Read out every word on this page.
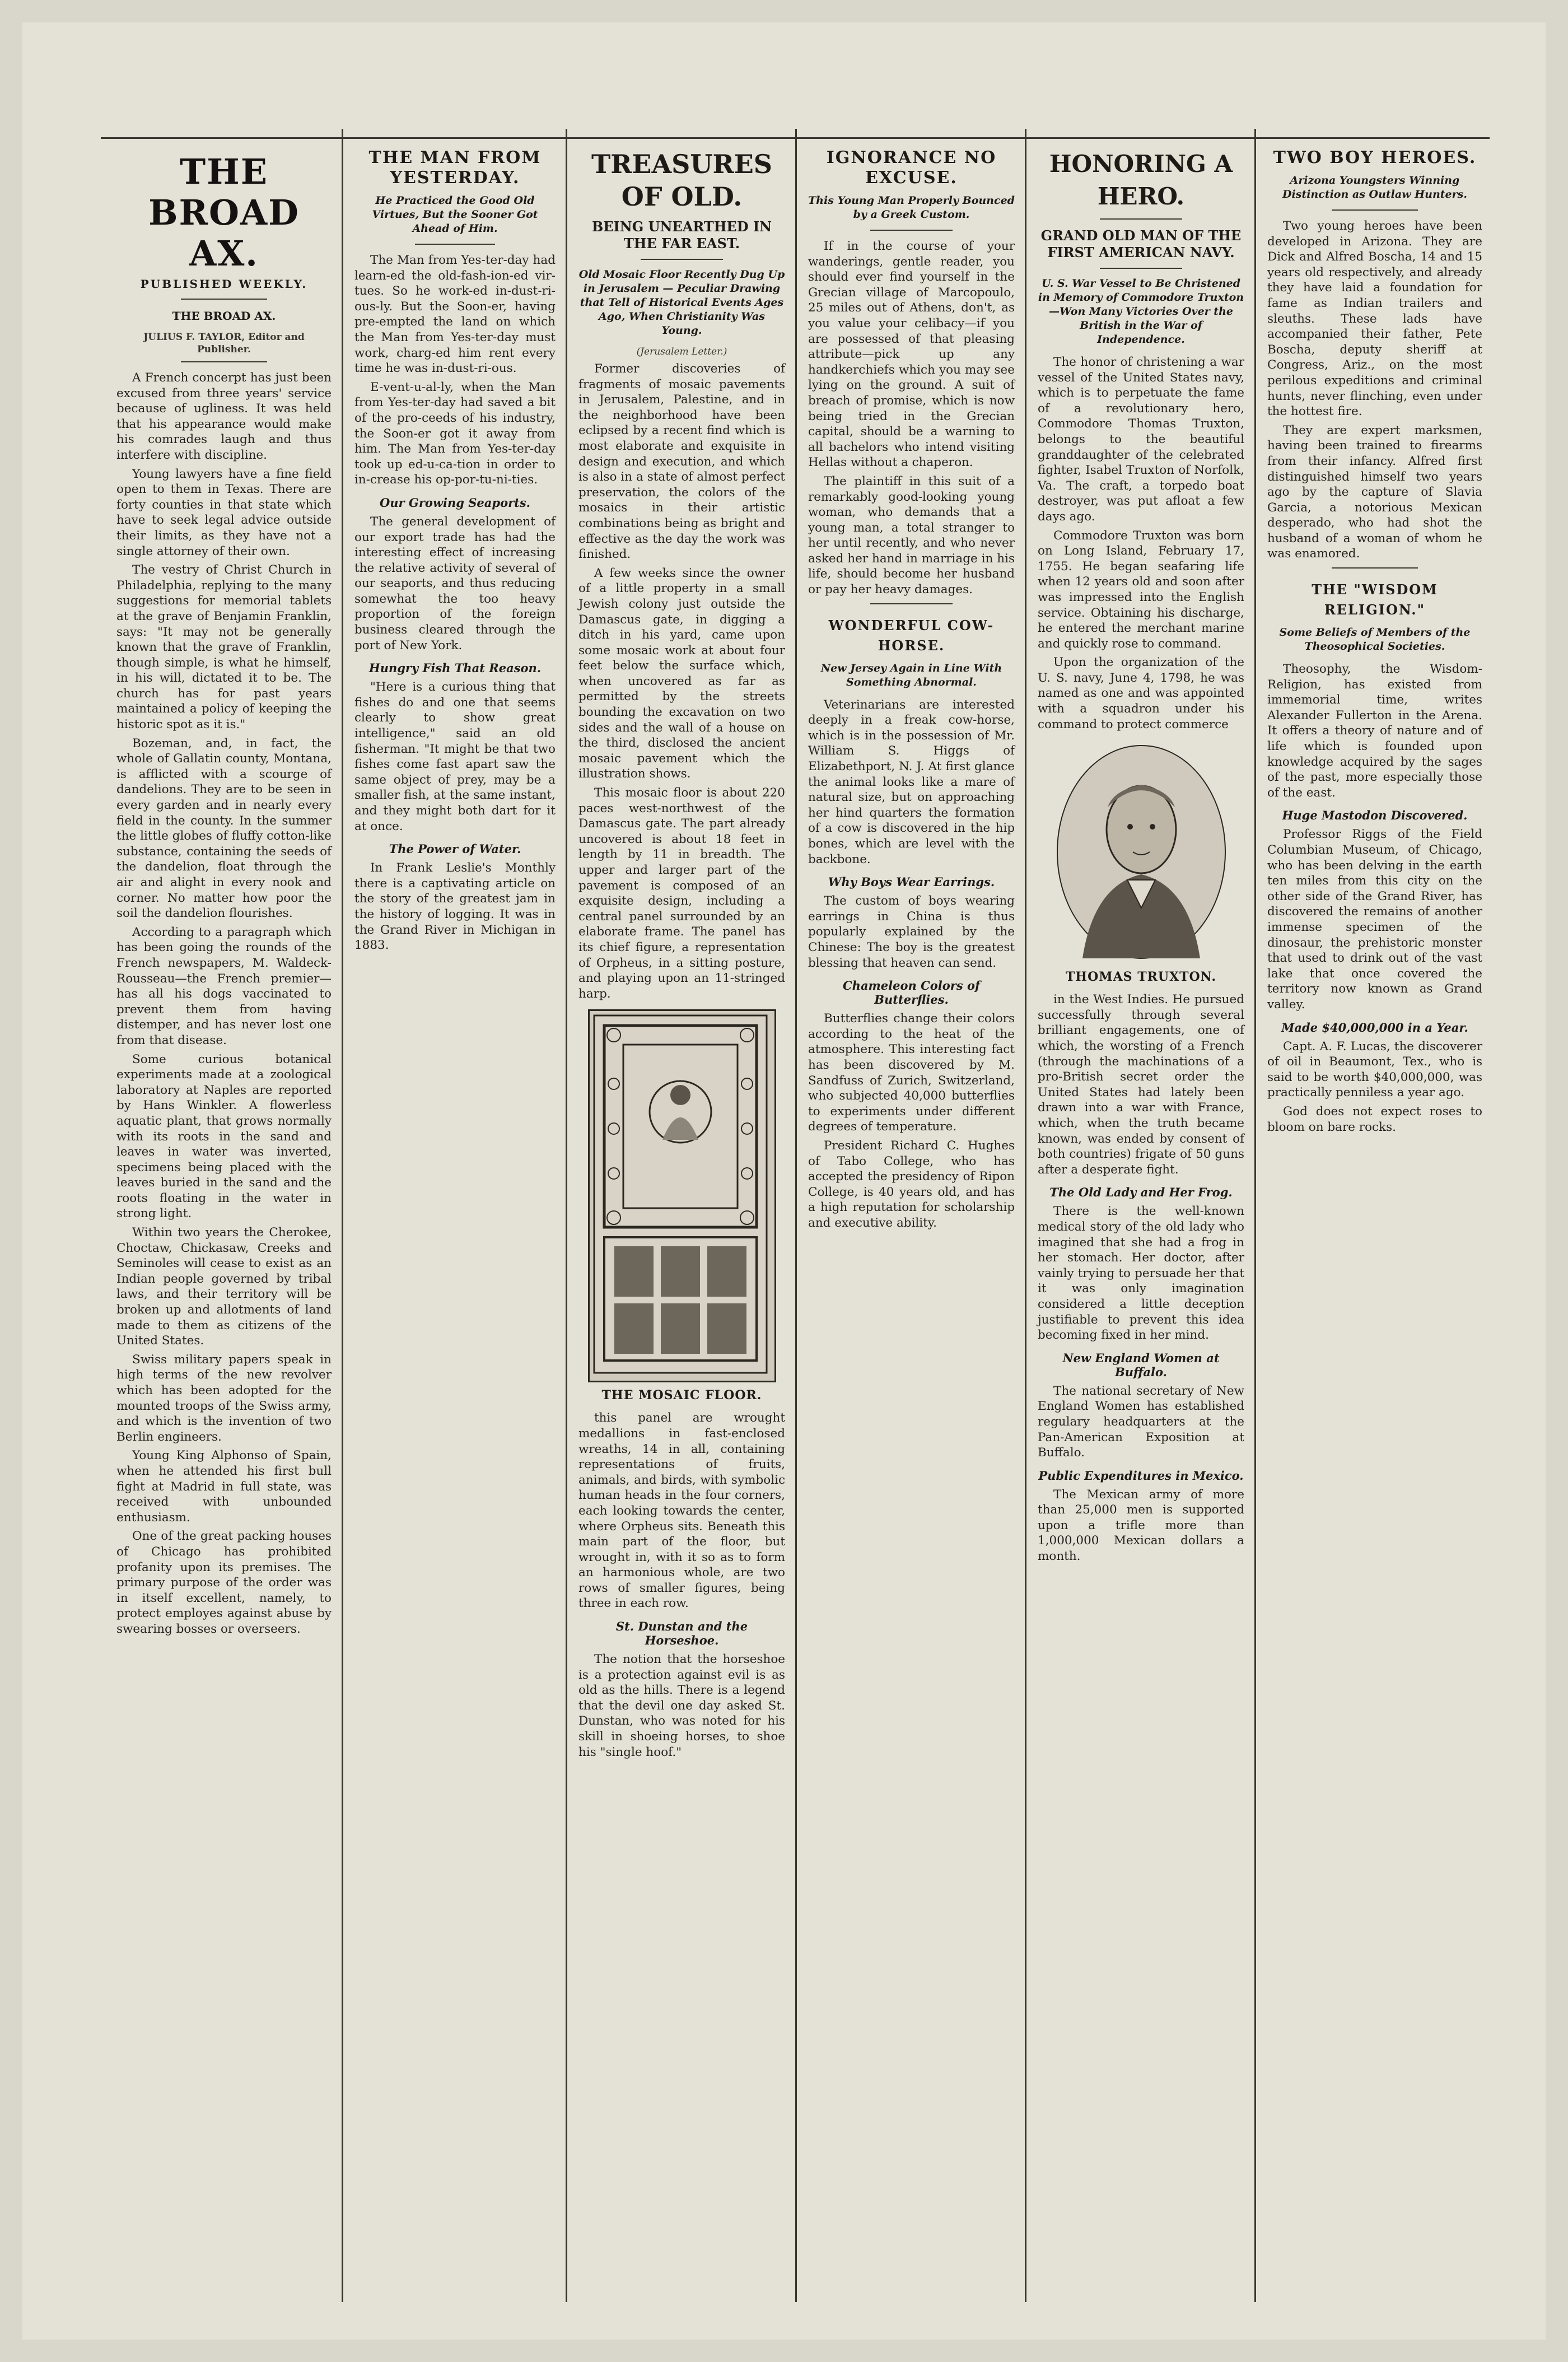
THE BROAD AX.
PUBLISHED WEEKLY.
THE BROAD AX.
JULIUS F. TAYLOR, Editor and Publisher.

A French concerpt has just been excused from three years' service because of ugliness. It was held that his appearance would make his comrades laugh and thus interfere with discipline.

Young lawyers have a fine field open to them in Texas. There are forty counties in that state which have to seek legal advice outside their limits, as they have not a single attorney of their own.

The vestry of Christ Church in Philadelphia, replying to the many suggestions for memorial tablets at the grave of Benjamin Franklin, says: "It may not be generally known that the grave of Franklin, though simple, is what he himself, in his will, dictated it to be. The church has for past years maintained a policy of keeping the historic spot as it is."

Bozeman, and, in fact, the whole of Gallatin county, Montana, is afflicted with a scourge of dandelions. They are to be seen in every garden and in nearly every field in the county. In the summer the little globes of fluffy cotton-like substance, containing the seeds of the dandelion, float through the air and alight in every nook and corner. No matter how poor the soil the dandelion flourishes.

According to a paragraph which has been going the rounds of the French newspapers, M. Waldeck-Rousseau—the French premier—has all his dogs vaccinated to prevent them from having distemper, and has never lost one from that disease.

Some curious botanical experiments made at a zoological laboratory at Naples are reported by Hans Winkler. A flowerless aquatic plant, that grows normally with its roots in the sand and leaves in water was inverted, specimens being placed with the leaves buried in the sand and the roots floating in the water in strong light.

Within two years the Cherokee, Choctaw, Chickasaw, Creeks and Seminoles will cease to exist as an Indian people governed by tribal laws, and their territory will be broken up and allotments of land made to them as citizens of the United States.

Swiss military papers speak in high terms of the new revolver which has been adopted for the mounted troops of the Swiss army, and which is the invention of two Berlin engineers.

Young King Alphonso of Spain, when he attended his first bull fight at Madrid in full state, was received with unbounded enthusiasm.

One of the great packing houses of Chicago has prohibited profanity upon its premises. The primary purpose of the order was in itself excellent, namely, to protect employes against abuse by swearing bosses or overseers.

THE MAN FROM YESTERDAY.
He Practiced the Good Old Virtues, But the Sooner Got Ahead of Him.

The Man from Yes-ter-day had learn-ed the old-fash-ion-ed vir-tues. So he work-ed in-dust-ri-ous-ly. But the Soon-er, having pre-empted the land on which the Man from Yes-ter-day must work, charg-ed him rent every time he was in-dust-ri-ous.

E-vent-u-al-ly, when the Man from Yes-ter-day had saved a bit of the pro-ceeds of his industry, the Soon-er got it away from him. The Man from Yes-ter-day took up ed-u-ca-tion in order to in-crease his op-por-tu-ni-ties.

Our Growing Seaports.

The general development of our export trade has had the interesting effect of increasing the relative activity of several of our seaports, and thus reducing somewhat the too heavy proportion of the foreign business cleared through the port of New York.

Hungry Fish That Reason.

"Here is a curious thing that fishes do and one that seems clearly to show great intelligence," said an old fisherman. "It might be that two fishes come fast apart saw the same object of prey, may be a smaller fish, at the same instant, and they might both dart for it at once.

The Power of Water.

In Frank Leslie's Monthly there is a captivating article on the story of the greatest jam in the history of logging. It was in the Grand River in Michigan in 1883.

TREASURES OF OLD.
BEING UNEARTHED IN THE FAR EAST.
Old Mosaic Floor Recently Dug Up in Jerusalem — Peculiar Drawing that Tell of Historical Events Ages Ago, When Christianity Was Young.
(Jerusalem Letter.)

Former discoveries of fragments of mosaic pavements in Jerusalem, Palestine, and in the neighborhood have been eclipsed by a recent find which is most elaborate and exquisite in design and execution, and which is also in a state of almost perfect preservation, the colors of the mosaics in their artistic combinations being as bright and effective as the day the work was finished.

A few weeks since the owner of a little property in a small Jewish colony just outside the Damascus gate, in digging a ditch in his yard, came upon some mosaic work at about four feet below the surface which, when uncovered as far as permitted by the streets bounding the excavation on two sides and the wall of a house on the third, disclosed the ancient mosaic pavement which the illustration shows.

This mosaic floor is about 220 paces west-northwest of the Damascus gate. The part already uncovered is about 18 feet in length by 11 in breadth. The upper and larger part of the pavement is composed of an exquisite design, including a central panel surrounded by an elaborate frame. The panel has its chief figure, a representation of Orpheus, in a sitting posture, and playing upon an 11-stringed harp.

THE MOSAIC FLOOR.

this panel are wrought medallions in fast-enclosed wreaths, 14 in all, containing representations of fruits, animals, and birds, with symbolic human heads in the four corners, each looking towards the center, where Orpheus sits. Beneath this main part of the floor, but wrought in, with it so as to form an harmonious whole, are two rows of smaller figures, being three in each row.

St. Dunstan and the Horseshoe.

The notion that the horseshoe is a protection against evil is as old as the hills. There is a legend that the devil one day asked St. Dunstan, who was noted for his skill in shoeing horses, to shoe his "single hoof."

IGNORANCE NO EXCUSE.
This Young Man Properly Bounced by a Greek Custom.

If in the course of your wanderings, gentle reader, you should ever find yourself in the Grecian village of Marcopoulo, 25 miles out of Athens, don't, as you value your celibacy—if you are possessed of that pleasing attribute—pick up any handkerchiefs which you may see lying on the ground. A suit of breach of promise, which is now being tried in the Grecian capital, should be a warning to all bachelors who intend visiting Hellas without a chaperon.

The plaintiff in this suit of a remarkably good-looking young woman, who demands that a young man, a total stranger to her until recently, and who never asked her hand in marriage in his life, should become her husband or pay her heavy damages.

WONDERFUL COW-HORSE.
New Jersey Again in Line With Something Abnormal.

Veterinarians are interested deeply in a freak cow-horse, which is in the possession of Mr. William S. Higgs of Elizabethport, N. J. At first glance the animal looks like a mare of natural size, but on approaching her hind quarters the formation of a cow is discovered in the hip bones, which are level with the backbone.

Why Boys Wear Earrings.

The custom of boys wearing earrings in China is thus popularly explained by the Chinese: The boy is the greatest blessing that heaven can send.

Chameleon Colors of Butterflies.

Butterflies change their colors according to the heat of the atmosphere. This interesting fact has been discovered by M. Sandfuss of Zurich, Switzerland, who subjected 40,000 butterflies to experiments under different degrees of temperature.

President Richard C. Hughes of Tabo College, who has accepted the presidency of Ripon College, is 40 years old, and has a high reputation for scholarship and executive ability.

HONORING A HERO.
GRAND OLD MAN OF THE FIRST AMERICAN NAVY.
U. S. War Vessel to Be Christened in Memory of Commodore Truxton—Won Many Victories Over the British in the War of Independence.

The honor of christening a war vessel of the United States navy, which is to perpetuate the fame of a revolutionary hero, Commodore Thomas Truxton, belongs to the beautiful granddaughter of the celebrated fighter, Isabel Truxton of Norfolk, Va. The craft, a torpedo boat destroyer, was put afloat a few days ago.

Commodore Truxton was born on Long Island, February 17, 1755. He began seafaring life when 12 years old and soon after was impressed into the English service. Obtaining his discharge, he entered the merchant marine and quickly rose to command.

Upon the organization of the U. S. navy, June 4, 1798, he was named as one and was appointed with a squadron under his command to protect commerce

THOMAS TRUXTON.

in the West Indies. He pursued successfully through several brilliant engagements, one of which, the worsting of a French (through the machinations of a pro-British secret order the United States had lately been drawn into a war with France, which, when the truth became known, was ended by consent of both countries) frigate of 50 guns after a desperate fight.

The Old Lady and Her Frog.

There is the well-known medical story of the old lady who imagined that she had a frog in her stomach. Her doctor, after vainly trying to persuade her that it was only imagination considered a little deception justifiable to prevent this idea becoming fixed in her mind.

New England Women at Buffalo.

The national secretary of New England Women has established regulary headquarters at the Pan-American Exposition at Buffalo.

Public Expenditures in Mexico.

The Mexican army of more than 25,000 men is supported upon a trifle more than 1,000,000 Mexican dollars a month.

TWO BOY HEROES.
Arizona Youngsters Winning Distinction as Outlaw Hunters.

Two young heroes have been developed in Arizona. They are Dick and Alfred Boscha, 14 and 15 years old respectively, and already they have laid a foundation for fame as Indian trailers and sleuths. These lads have accompanied their father, Pete Boscha, deputy sheriff at Congress, Ariz., on the most perilous expeditions and criminal hunts, never flinching, even under the hottest fire.

They are expert marksmen, having been trained to firearms from their infancy. Alfred first distinguished himself two years ago by the capture of Slavia Garcia, a notorious Mexican desperado, who had shot the husband of a woman of whom he was enamored.

THE "WISDOM RELIGION."
Some Beliefs of Members of the Theosophical Societies.

Theosophy, the Wisdom-Religion, has existed from immemorial time, writes Alexander Fullerton in the Arena. It offers a theory of nature and of life which is founded upon knowledge acquired by the sages of the past, more especially those of the east.

Huge Mastodon Discovered.

Professor Riggs of the Field Columbian Museum, of Chicago, who has been delving in the earth ten miles from this city on the other side of the Grand River, has discovered the remains of another immense specimen of the dinosaur, the prehistoric monster that used to drink out of the vast lake that once covered the territory now known as Grand valley.

Made $40,000,000 in a Year.

Capt. A. F. Lucas, the discoverer of oil in Beaumont, Tex., who is said to be worth $40,000,000, was practically penniless a year ago.

God does not expect roses to bloom on bare rocks.
